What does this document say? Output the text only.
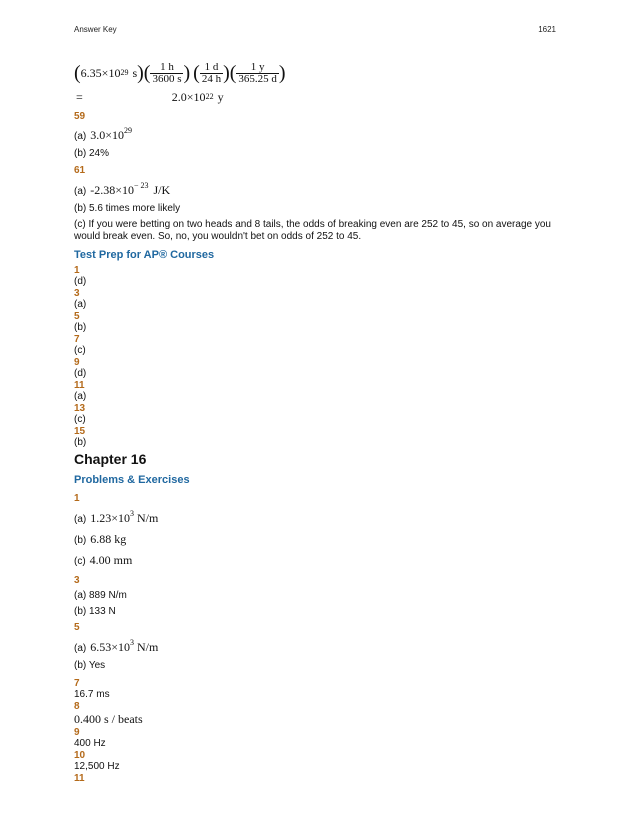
Answer Key	1621
( $6.35\times 10^{29}$ s )( $\frac{1 h}{3600 s}$ ) ( $\frac{1 d}{24 h}$ )( $\frac{1 y}{365.25 d}$ )
=	$2.0\times 10^{22}$ y
59
(a) $3.0\times 10^{29}$
(b) 24%
61
(a) $-2.38\times 10^{- 23}$ J/K
(b) 5.6 times more likely
(c) If you were betting on two heads and 8 tails, the odds of breaking even are 252 to 45, so on average you would break even. So, no, you wouldn't bet on odds of 252 to 45.
Test Prep for AP® Courses
1
(d)
3
(a)
5
(b)
7
(c)
9
(d)
11
(a)
13
(c)
15
(b)
Chapter 16
Problems & Exercises
1
(a) $1.23\times 10^3$ N/m
(b) 6.88 kg
(c) 4.00 mm
3
(a) 889 N/m
(b) 133 N
5
(a) $6.53\times 10^3$ N/m
(b) Yes
7
16.7 ms
8
0.400 s / beats
9
400 Hz
10
12,500 Hz
11
